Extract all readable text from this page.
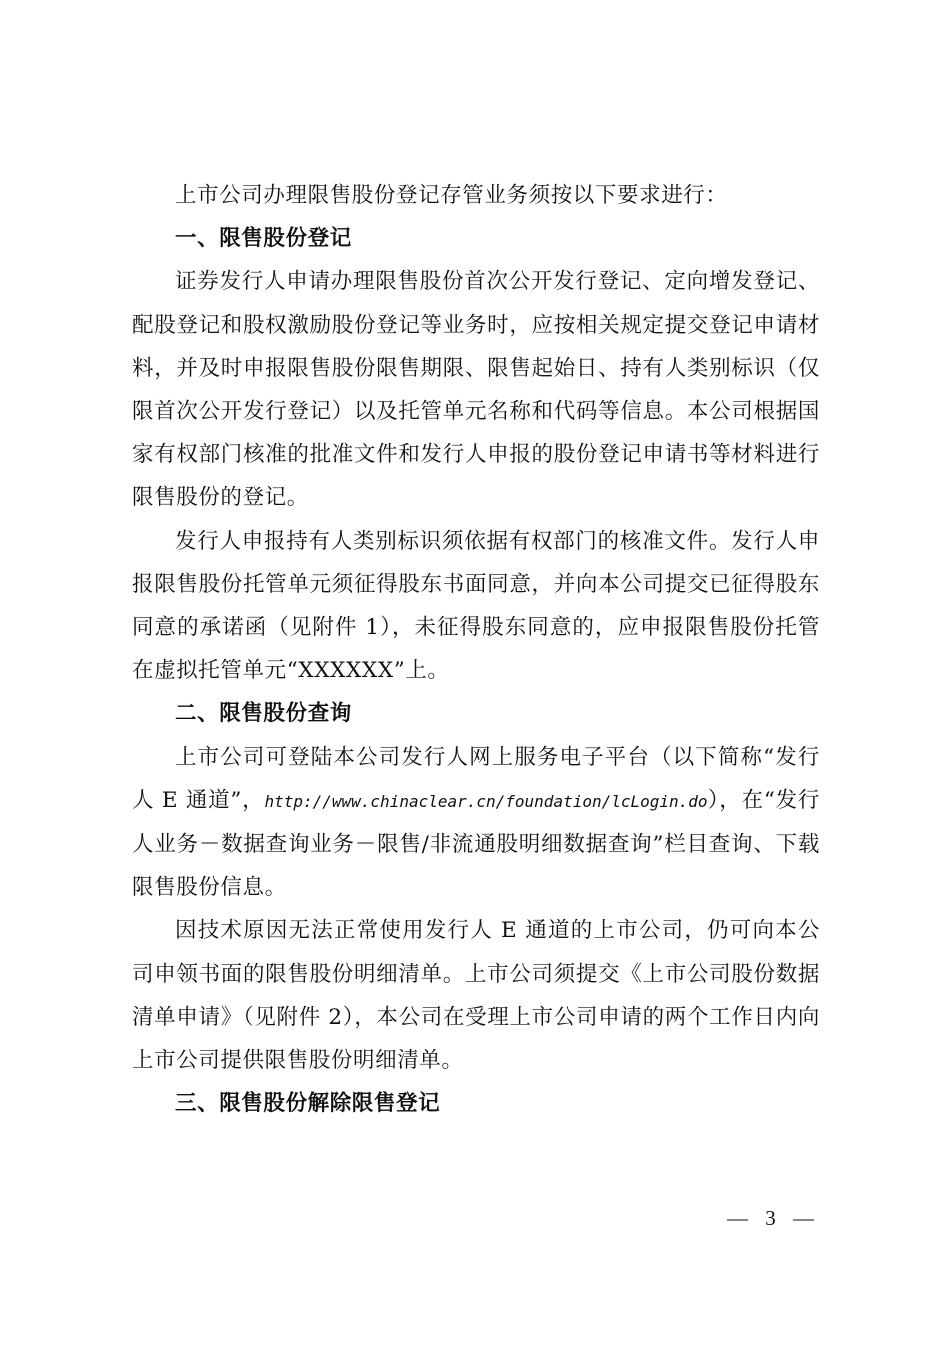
上市公司办理限售股份登记存管业务须按以下要求进行：

一、限售股份登记

证券发行人申请办理限售股份首次公开发行登记、定向增发登记、配股登记和股权激励股份登记等业务时，应按相关规定提交登记申请材料，并及时申报限售股份限售期限、限售起始日、持有人类别标识（仅限首次公开发行登记）以及托管单元名称和代码等信息。本公司根据国家有权部门核准的批准文件和发行人申报的股份登记申请书等材料进行限售股份的登记。

发行人申报持有人类别标识须依据有权部门的核准文件。发行人申报限售股份托管单元须征得股东书面同意，并向本公司提交已征得股东同意的承诺函（见附件 1），未征得股东同意的，应申报限售股份托管在虚拟托管单元“XXXXXX”上。

二、限售股份查询

上市公司可登陆本公司发行人网上服务电子平台（以下简称“发行人 E 通道”，http://www.chinaclear.cn/foundation/lcLogin.do），在“发行人业务－数据查询业务－限售/非流通股明细数据查询”栏目查询、下载限售股份信息。

因技术原因无法正常使用发行人 E 通道的上市公司，仍可向本公司申领书面的限售股份明细清单。上市公司须提交《上市公司股份数据清单申请》（见附件 2），本公司在受理上市公司申请的两个工作日内向上市公司提供限售股份明细清单。

三、限售股份解除限售登记

— 3 —
